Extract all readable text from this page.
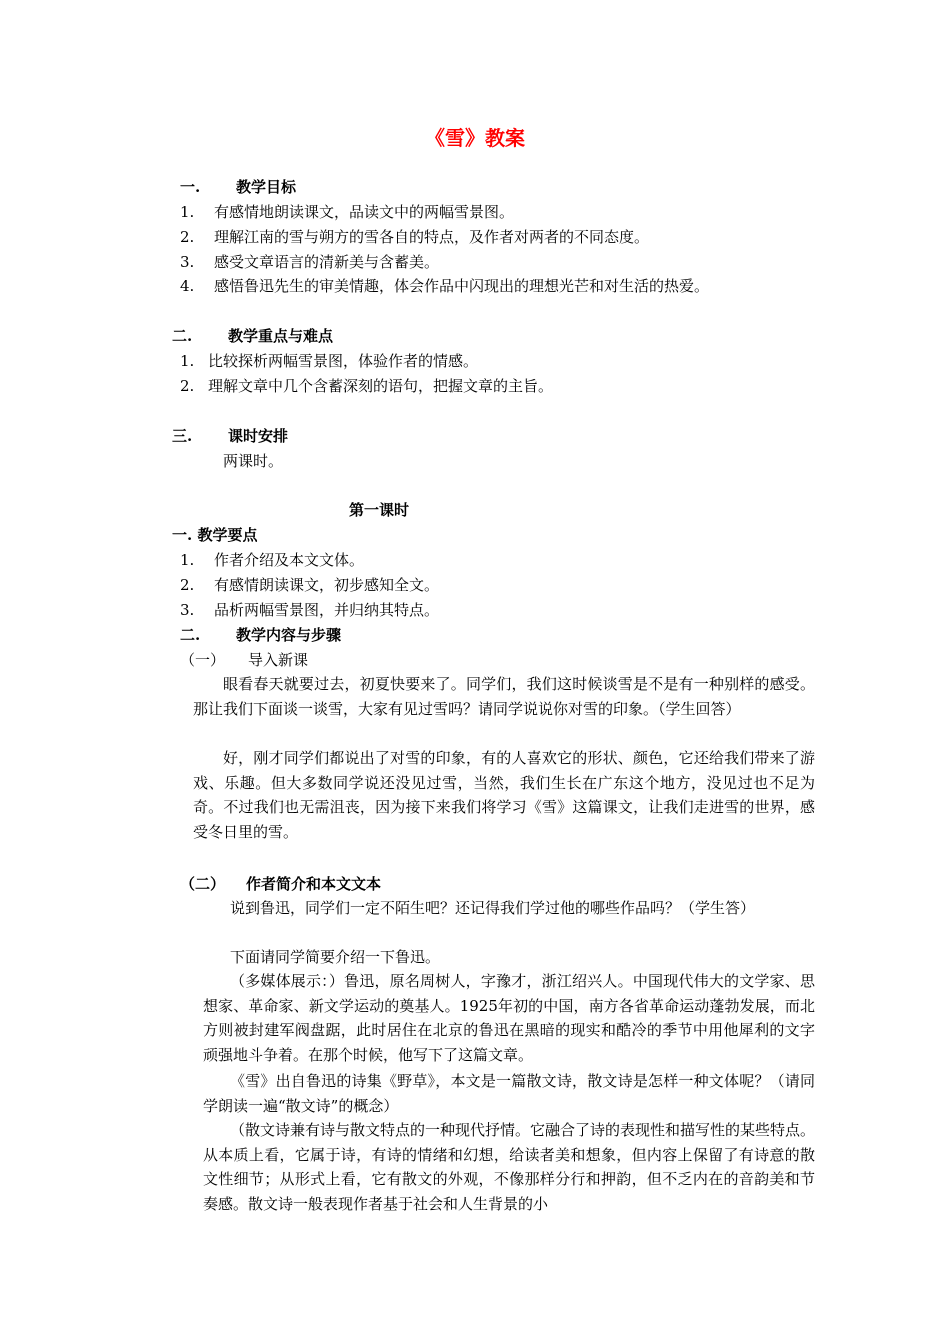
《雪》教案
一. 教学目标
1. 有感情地朗读课文，品读文中的两幅雪景图。
2. 理解江南的雪与朔方的雪各自的特点，及作者对两者的不同态度。
3. 感受文章语言的清新美与含蓄美。
4. 感悟鲁迅先生的审美情趣，体会作品中闪现出的理想光芒和对生活的热爱。
二. 教学重点与难点
1. 比较探析两幅雪景图，体验作者的情感。
2. 理解文章中几个含蓄深刻的语句，把握文章的主旨。
三. 课时安排
两课时。
第一课时
一. 教学要点
1. 作者介绍及本文文体。
2. 有感情朗读课文，初步感知全文。
3. 品析两幅雪景图，并归纳其特点。
二. 教学内容与步骤
（一） 导入新课
眼看春天就要过去，初夏快要来了。同学们，我们这时候谈雪是不是有一种别样的感受。那让我们下面谈一谈雪，大家有见过雪吗？请同学说说你对雪的印象。（学生回答）
好，刚才同学们都说出了对雪的印象，有的人喜欢它的形状、颜色，它还给我们带来了游戏、乐趣。但大多数同学说还没见过雪，当然，我们生长在广东这个地方，没见过也不足为奇。不过我们也无需沮丧，因为接下来我们将学习《雪》这篇课文，让我们走进雪的世界，感受冬日里的雪。
（二） 作者简介和本文文本
说到鲁迅，同学们一定不陌生吧？还记得我们学过他的哪些作品吗？（学生答）
下面请同学简要介绍一下鲁迅。
（多媒体展示：）鲁迅，原名周树人，字豫才，浙江绍兴人。中国现代伟大的文学家、思想家、革命家、新文学运动的奠基人。1925年初的中国，南方各省革命运动蓬勃发展，而北方则被封建军阀盘踞，此时居住在北京的鲁迅在黑暗的现实和酷冷的季节中用他犀利的文字顽强地斗争着。在那个时候，他写下了这篇文章。
《雪》出自鲁迅的诗集《野草》，本文是一篇散文诗，散文诗是怎样一种文体呢？（请同学朗读一遍“散文诗”的概念）
（散文诗兼有诗与散文特点的一种现代抒情。它融合了诗的表现性和描写性的某些特点。从本质上看，它属于诗，有诗的情绪和幻想，给读者美和想象，但内容上保留了有诗意的散文性细节；从形式上看，它有散文的外观，不像那样分行和押韵，但不乏内在的音韵美和节奏感。散文诗一般表现作者基于社会和人生背景的小
